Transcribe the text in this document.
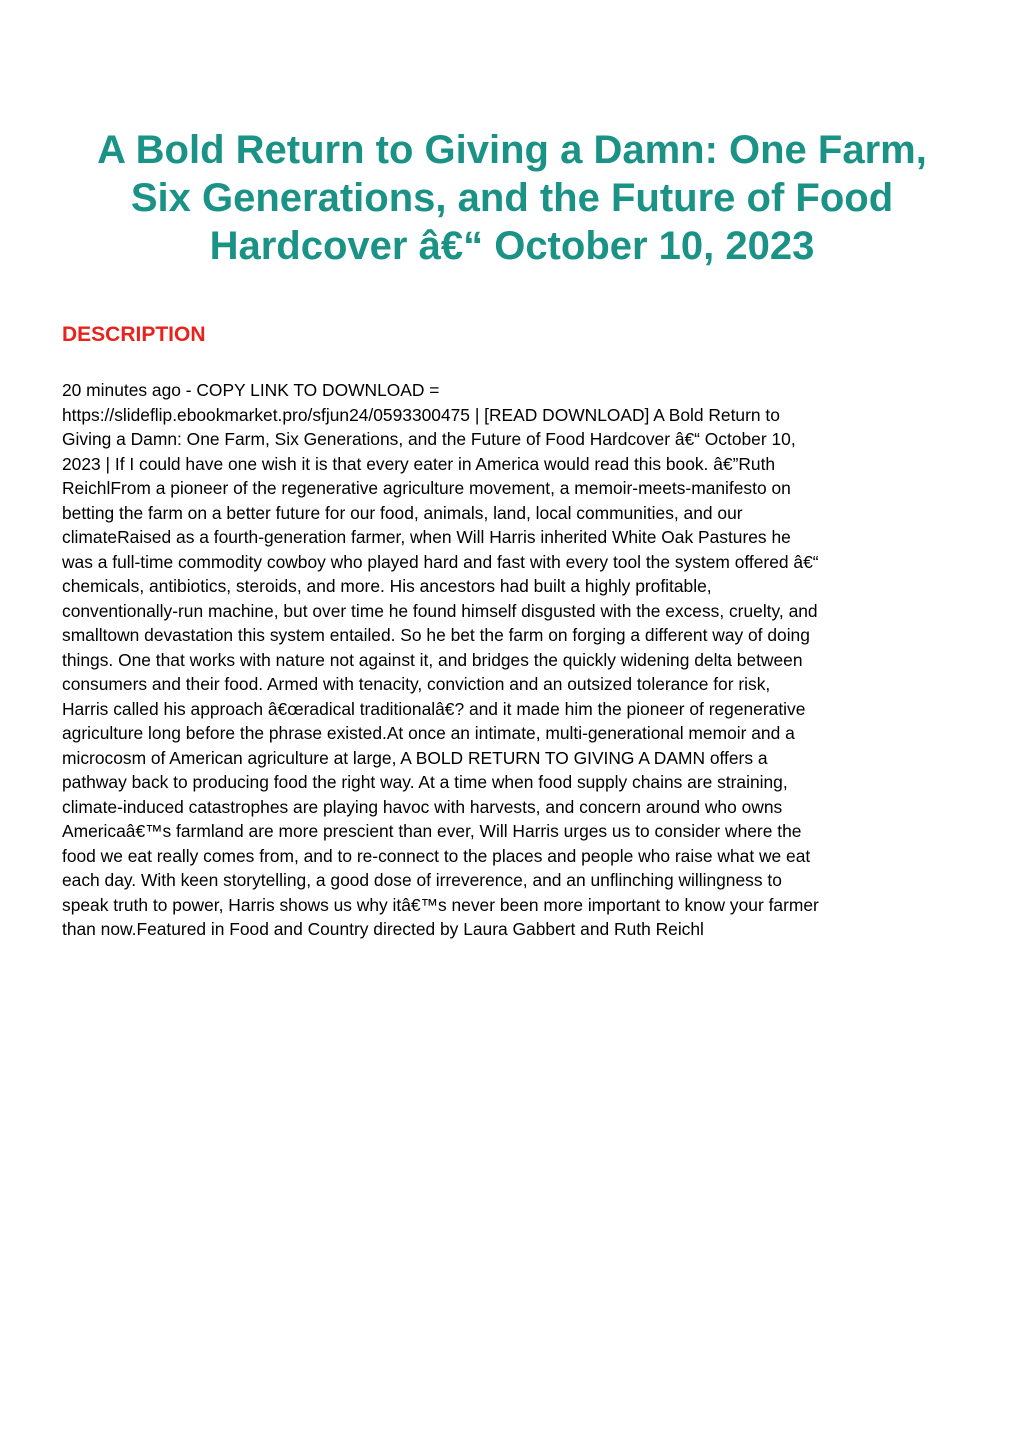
A Bold Return to Giving a Damn: One Farm,
Six Generations, and the Future of Food
Hardcover â€“ October 10, 2023
DESCRIPTION

20 minutes ago - COPY LINK TO DOWNLOAD =
https://slideflip.ebookmarket.pro/sfjun24/0593300475 | [READ DOWNLOAD] A Bold Return to
Giving a Damn: One Farm, Six Generations, and the Future of Food Hardcover â€“ October 10,
2023 | If I could have one wish it is that every eater in America would read this book. â€”Ruth
ReichlFrom a pioneer of the regenerative agriculture movement, a memoir-meets-manifesto on
betting the farm on a better future for our food, animals, land, local communities, and our
climateRaised as a fourth-generation farmer, when Will Harris inherited White Oak Pastures he
was a full-time commodity cowboy who played hard and fast with every tool the system offered â€“
chemicals, antibiotics, steroids, and more. His ancestors had built a highly profitable,
conventionally-run machine, but over time he found himself disgusted with the excess, cruelty, and
smalltown devastation this system entailed. So he bet the farm on forging a different way of doing
things. One that works with nature not against it, and bridges the quickly widening delta between
consumers and their food. Armed with tenacity, conviction and an outsized tolerance for risk,
Harris called his approach â€œradical traditionalâ€? and it made him the pioneer of regenerative
agriculture long before the phrase existed.At once an intimate, multi-generational memoir and a
microcosm of American agriculture at large, A BOLD RETURN TO GIVING A DAMN offers a
pathway back to producing food the right way. At a time when food supply chains are straining,
climate-induced catastrophes are playing havoc with harvests, and concern around who owns
Americaâ€™s farmland are more prescient than ever, Will Harris urges us to consider where the
food we eat really comes from, and to re-connect to the places and people who raise what we eat
each day. With keen storytelling, a good dose of irreverence, and an unflinching willingness to
speak truth to power, Harris shows us why itâ€™s never been more important to know your farmer
than now.Featured in Food and Country directed by Laura Gabbert and Ruth Reichl
